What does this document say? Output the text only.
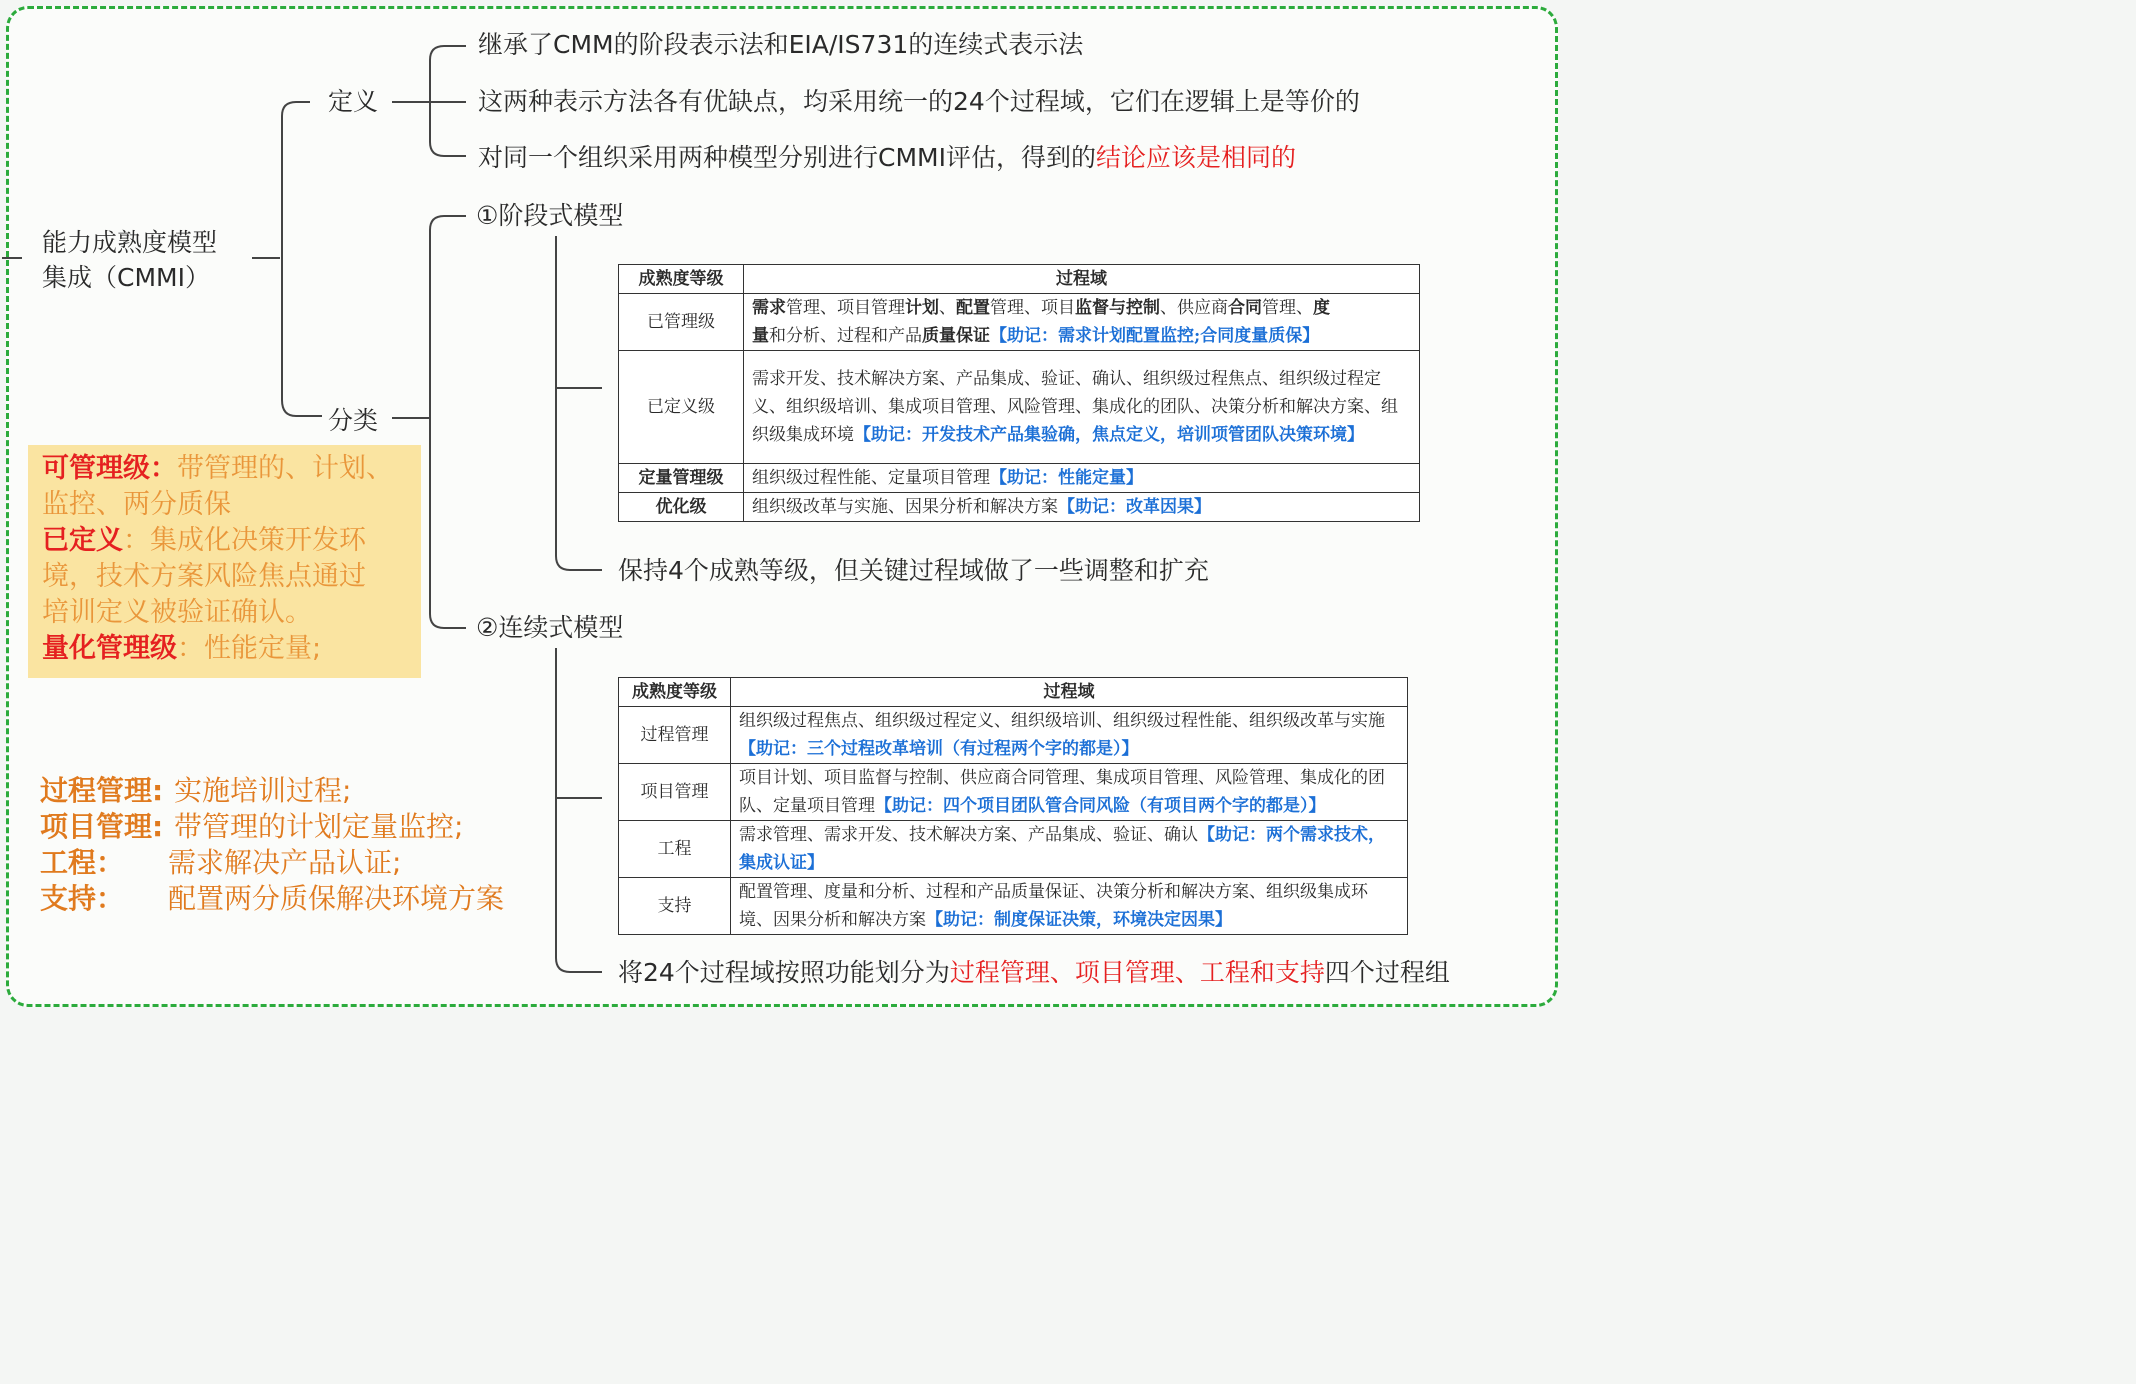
能力成熟度模型
集成（CMMI）
定义
继承了CMM的阶段表示法和EIA/IS731的连续式表示法
这两种表示方法各有优缺点，均采用统一的24个过程域，它们在逻辑上是等价的
对同一个组织采用两种模型分别进行CMMI评估，得到的结论应该是相同的
分类
①阶段式模型
②连续式模型
成熟度等级	过程域
已管理级	需求管理、项目管理计划、配置管理、项目监督与控制、供应商合同管理、度
量和分析、过程和产品质量保证【助记：需求计划配置监控;合同度量质保】
已定义级	需求开发、技术解决方案、产品集成、验证、确认、组织级过程焦点、组织级过程定义、组织级培训、集成项目管理、风险管理、集成化的团队、决策分析和解决方案、组织级集成环境【助记：开发技术产品集验确，焦点定义，培训项管团队决策环境】
定量管理级	组织级过程性能、定量项目管理【助记：性能定量】
优化级	组织级改革与实施、因果分析和解决方案【助记：改革因果】
保持4个成熟等级，但关键过程域做了一些调整和扩充
成熟度等级	过程域
过程管理	组织级过程焦点、组织级过程定义、组织级培训、组织级过程性能、组织级改革与实施【助记：三个过程改革培训（有过程两个字的都是）】
项目管理	项目计划、项目监督与控制、供应商合同管理、集成项目管理、风险管理、集成化的团队、定量项目管理【助记：四个项目团队管合同风险（有项目两个字的都是）】
工程	需求管理、需求开发、技术解决方案、产品集成、验证、确认【助记：两个需求技术，集成认证】
支持	配置管理、度量和分析、过程和产品质量保证、决策分析和解决方案、组织级集成环境、因果分析和解决方案【助记：制度保证决策，环境决定因果】
将24个过程域按照功能划分为过程管理、项目管理、工程和支持四个过程组
可管理级：带管理的、计划、
监控、两分质保
已定义：集成化决策开发环
境，技术方案风险焦点通过
培训定义被验证确认。
量化管理级：性能定量;
过程管理: 实施培训过程;
项目管理: 带管理的计划定量监控;
工程： 需求解决产品认证;
支持： 配置两分质保解决环境方案
